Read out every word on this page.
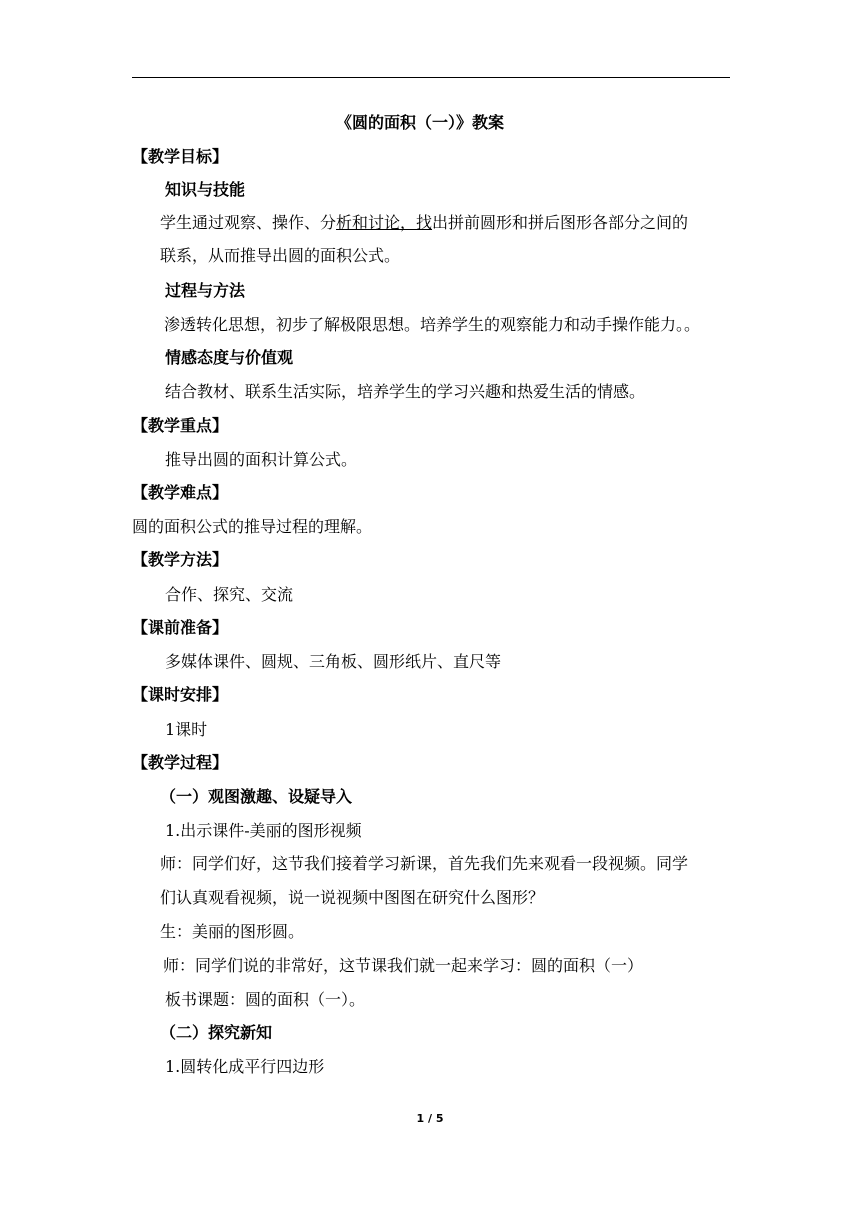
《圆的面积（一）》教案
【教学目标】
知识与技能
学生通过观察、操作、分析和讨论，找出拼前圆形和拼后图形各部分之间的
联系，从而推导出圆的面积公式。
过程与方法
渗透转化思想，初步了解极限思想。培养学生的观察能力和动手操作能力。。
情感态度与价值观
结合教材、联系生活实际，培养学生的学习兴趣和热爱生活的情感。
【教学重点】
推导出圆的面积计算公式。
【教学难点】
圆的面积公式的推导过程的理解。
【教学方法】
合作、探究、交流
【课前准备】
多媒体课件、圆规、三角板、圆形纸片、直尺等
【课时安排】
1课时
【教学过程】
（一）观图激趣、设疑导入
1.出示课件-美丽的图形视频
师：同学们好，这节我们接着学习新课，首先我们先来观看一段视频。同学
们认真观看视频，说一说视频中图图在研究什么图形？
生：美丽的图形圆。
师：同学们说的非常好，这节课我们就一起来学习：圆的面积（一）
板书课题：圆的面积（一）。
（二）探究新知
1.圆转化成平行四边形
1 / 5
